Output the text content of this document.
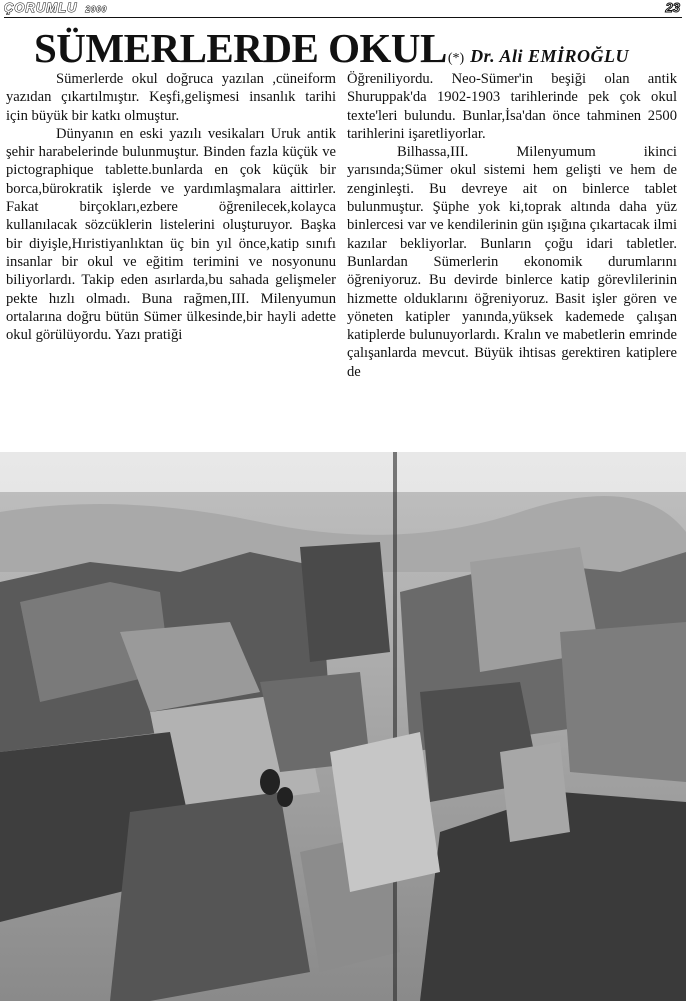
ÇORUMLU 2000	23
SÜMERLERDE OKUL(*) Dr. Ali EMİROĞLU

Sümerlerde okul doğruca yazılan ,cüneiform yazıdan çıkartılmıştır. Keşfi,gelişmesi insanlık tarihi için büyük bir katkı olmuştur.

Dünyanın en eski yazılı vesikaları Uruk antik şehir harabelerinde bulunmuştur. Binden fazla küçük ve pictographique tablette.bunlarda en çok küçük bir borca,bürokratik işlerde ve yardımlaşmalara aittirler. Fakat birçokları,ezbere öğrenilecek,kolayca kullanılacak sözcüklerin listelerini oluşturuyor. Başka bir diyişle,Hıristiyanlıktan üç bin yıl önce,katip sınıfı insanlar bir okul ve eğitim terimini ve nosyonunu biliyorlardı. Takip eden asırlarda,bu sahada gelişmeler pekte hızlı olmadı. Buna rağmen,III. Milenyumun ortalarına doğru bütün Sümer ülkesinde,bir hayli adette okul görülüyordu. Yazı pratiği

Öğreniliyordu. Neo-Sümer'in beşiği olan antik Shuruppak'da 1902-1903 tarihlerinde pek çok okul texte'leri bulundu. Bunlar,İsa'dan önce tahminen 2500 tarihlerini işaretliyorlar.

Bilhassa,III. Milenyumum ikinci yarısında;Sümer okul sistemi hem gelişti ve hem de zenginleşti. Bu devreye ait on binlerce tablet bulunmuştur. Şüphe yok ki,toprak altında daha yüz binlercesi var ve kendilerinin gün ışığına çıkartacak ilmi kazılar bekliyorlar. Bunların çoğu idari tabletler. Bunlardan Sümerlerin ekonomik durumlarını öğreniyoruz. Bu devirde binlerce katip görevlilerinin hizmette olduklarını öğreniyoruz. Basit işler gören ve yöneten katipler yanında,yüksek kademede çalışan katiplerde bulunuyorlardı. Kralın ve mabetlerin emrinde çalışanlarda mevcut. Büyük ihtisas gerektiren katiplere de
